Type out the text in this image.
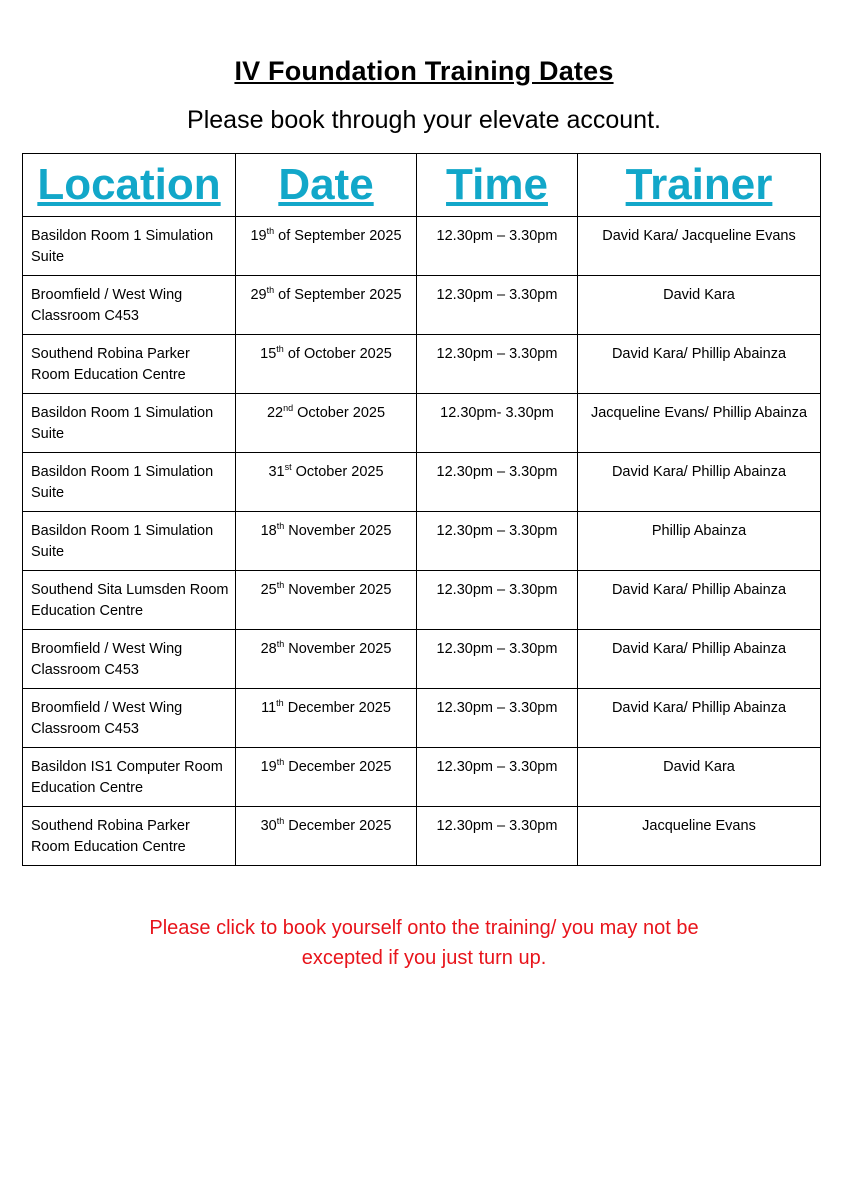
IV Foundation Training Dates
Please book through your elevate account.
Location	Date	Time	Trainer
Basildon Room 1 Simulation Suite	19th of September 2025	12.30pm – 3.30pm	David Kara/ Jacqueline Evans
Broomfield / West Wing Classroom C453	29th of September 2025	12.30pm – 3.30pm	David Kara
Southend Robina Parker Room Education Centre	15th of October 2025	12.30pm – 3.30pm	David Kara/ Phillip Abainza
Basildon Room 1 Simulation Suite	22nd October 2025	12.30pm- 3.30pm	Jacqueline Evans/ Phillip Abainza
Basildon Room 1 Simulation Suite	31st October 2025	12.30pm – 3.30pm	David Kara/ Phillip Abainza
Basildon Room 1 Simulation Suite	18th November 2025	12.30pm – 3.30pm	Phillip Abainza
Southend Sita Lumsden Room Education Centre	25th November 2025	12.30pm – 3.30pm	David Kara/ Phillip Abainza
Broomfield / West Wing Classroom C453	28th November 2025	12.30pm – 3.30pm	David Kara/ Phillip Abainza
Broomfield / West Wing Classroom C453	11th December 2025	12.30pm – 3.30pm	David Kara/ Phillip Abainza
Basildon IS1 Computer Room Education Centre	19th December 2025	12.30pm – 3.30pm	David Kara
Southend Robina Parker Room Education Centre	30th December 2025	12.30pm – 3.30pm	Jacqueline Evans
Please click to book yourself onto the training/ you may not be
excepted if you just turn up.
